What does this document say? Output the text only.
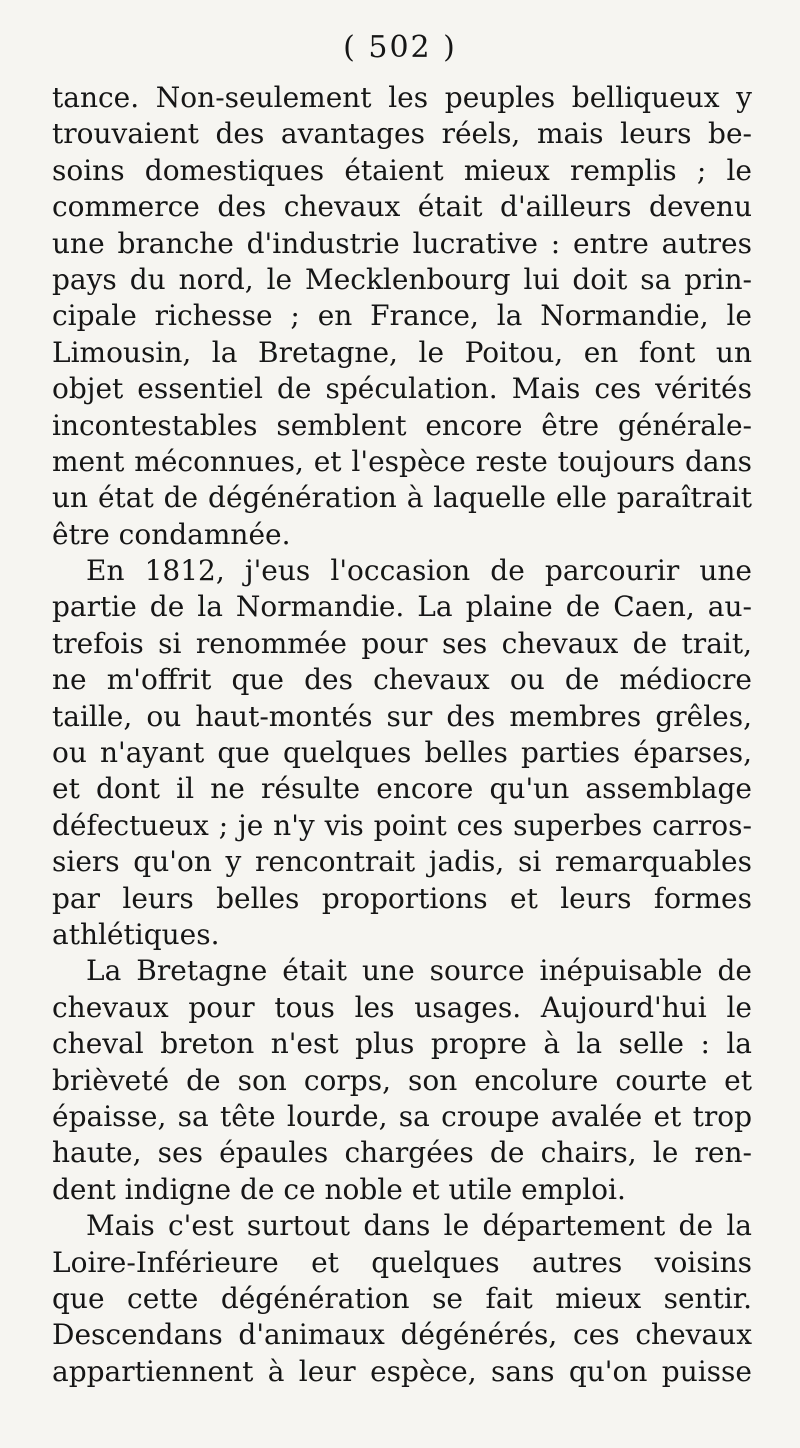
( 502 )
tance. Non-seulement les peuples belliqueux y
trouvaient des avantages réels, mais leurs be-
soins domestiques étaient mieux remplis ; le
commerce des chevaux était d'ailleurs devenu
une branche d'industrie lucrative : entre autres
pays du nord, le Mecklenbourg lui doit sa prin-
cipale richesse ; en France, la Normandie, le
Limousin, la Bretagne, le Poitou, en font un
objet essentiel de spéculation. Mais ces vérités
incontestables semblent encore être générale-
ment méconnues, et l'espèce reste toujours dans
un état de dégénération à laquelle elle paraîtrait
être condamnée.
En 1812, j'eus l'occasion de parcourir une
partie de la Normandie. La plaine de Caen, au-
trefois si renommée pour ses chevaux de trait,
ne m'offrit que des chevaux ou de médiocre
taille, ou haut-montés sur des membres grêles,
ou n'ayant que quelques belles parties éparses,
et dont il ne résulte encore qu'un assemblage
défectueux ; je n'y vis point ces superbes carros-
siers qu'on y rencontrait jadis, si remarquables
par leurs belles proportions et leurs formes
athlétiques.
La Bretagne était une source inépuisable de
chevaux pour tous les usages. Aujourd'hui le
cheval breton n'est plus propre à la selle : la
brièveté de son corps, son encolure courte et
épaisse, sa tête lourde, sa croupe avalée et trop
haute, ses épaules chargées de chairs, le ren-
dent indigne de ce noble et utile emploi.
Mais c'est surtout dans le département de la
Loire-Inférieure et quelques autres voisins
que cette dégénération se fait mieux sentir.
Descendans d'animaux dégénérés, ces chevaux
appartiennent à leur espèce, sans qu'on puisse
